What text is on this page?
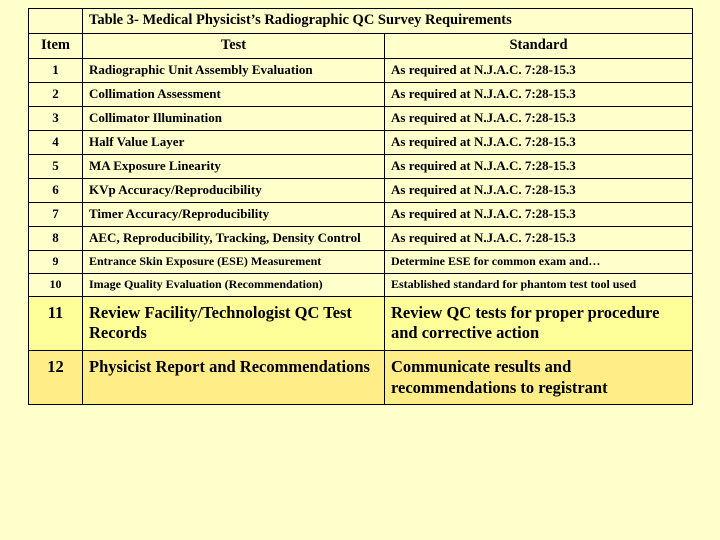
	Table 3- Medical Physicist’s Radiographic QC Survey Requirements	
Item	Test	Standard
1	Radiographic Unit Assembly Evaluation	As required at N.J.A.C. 7:28-15.3
2	Collimation Assessment	As required at N.J.A.C. 7:28-15.3
3	Collimator Illumination	As required at N.J.A.C. 7:28-15.3
4	Half Value Layer	As required at N.J.A.C. 7:28-15.3
5	MA Exposure Linearity	As required at N.J.A.C. 7:28-15.3
6	KVp Accuracy/Reproducibility	As required at N.J.A.C. 7:28-15.3
7	Timer Accuracy/Reproducibility	As required at N.J.A.C. 7:28-15.3
8	AEC, Reproducibility, Tracking, Density Control	As required at N.J.A.C. 7:28-15.3
9	Entrance Skin Exposure (ESE) Measurement	Determine ESE for common exam and…
10	Image Quality Evaluation (Recommendation)	Established standard for phantom test tool used
11	Review Facility/Technologist QC Test Records	Review QC tests for proper procedure and corrective action
12	Physicist Report and Recommendations	Communicate results and recommendations to registrant
